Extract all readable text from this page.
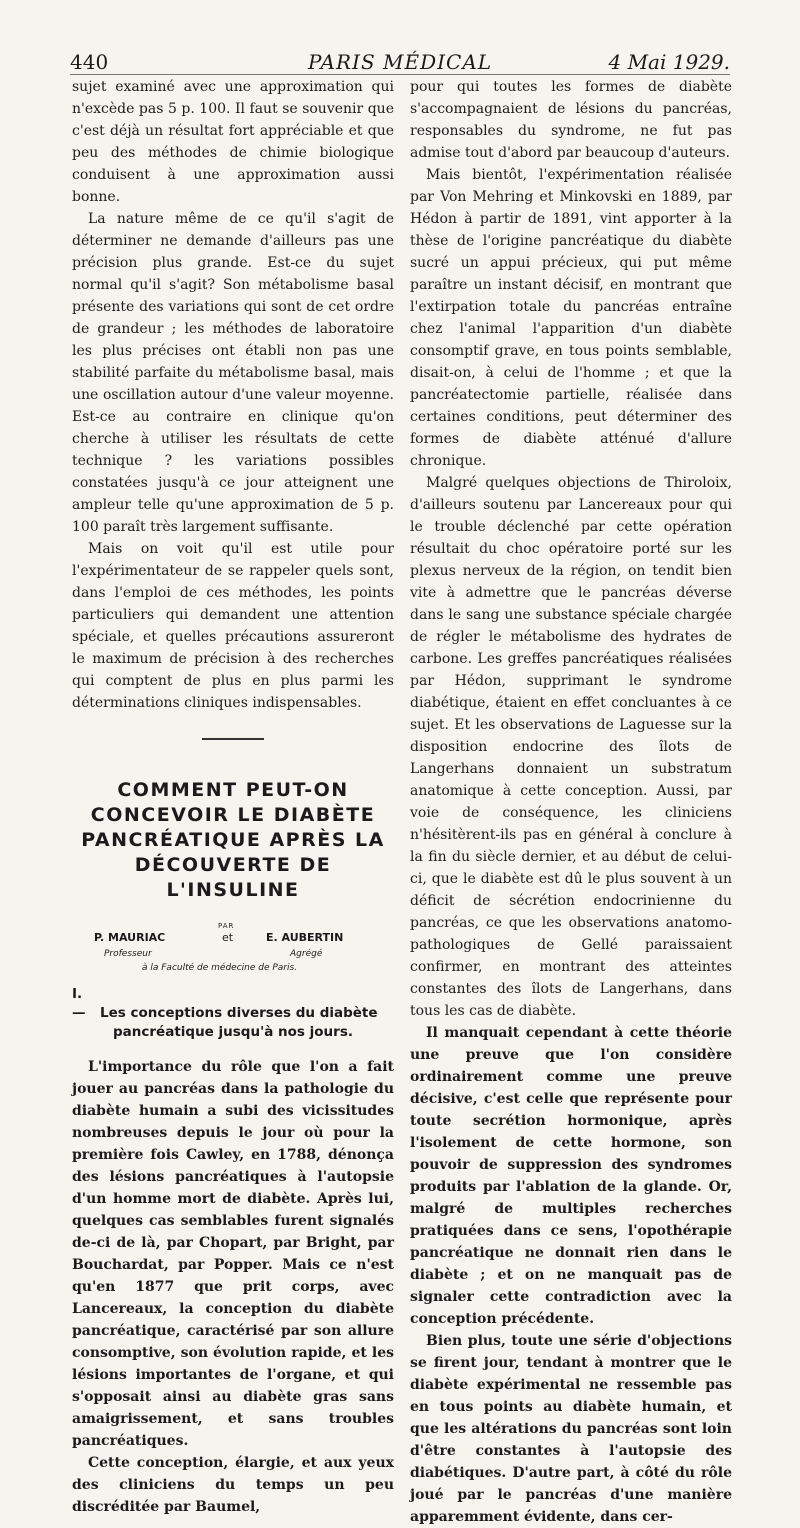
440	PARIS MÉDICAL	4 Mai 1929.

sujet examiné avec une approximation qui n'excède pas 5 p. 100. Il faut se souvenir que c'est déjà un résultat fort appréciable et que peu des méthodes de chimie biologique conduisent à une approximation aussi bonne.

La nature même de ce qu'il s'agit de déterminer ne demande d'ailleurs pas une précision plus grande. Est-ce du sujet normal qu'il s'agit? Son métabolisme basal présente des variations qui sont de cet ordre de grandeur ; les méthodes de laboratoire les plus précises ont établi non pas une stabilité parfaite du métabolisme basal, mais une oscillation autour d'une valeur moyenne. Est-ce au contraire en clinique qu'on cherche à utiliser les résultats de cette technique ? les variations possibles constatées jusqu'à ce jour atteignent une ampleur telle qu'une approximation de 5 p. 100 paraît très largement suffisante.

Mais on voit qu'il est utile pour l'expérimentateur de se rappeler quels sont, dans l'emploi de ces méthodes, les points particuliers qui demandent une attention spéciale, et quelles précautions assureront le maximum de précision à des recherches qui comptent de plus en plus parmi les déterminations cliniques indispensables.

COMMENT PEUT-ON CONCEVOIR LE DIABÈTE PANCRÉATIQUE APRÈS LA DÉCOUVERTE DE L'INSULINE
PAR
P. MAURIAC	et	E. AUBERTIN
Professeur	Agrégé
à la Faculté de médecine de Paris.
I. — Les conceptions diverses du diabète
pancréatique jusqu'à nos jours.

L'importance du rôle que l'on a fait jouer au pancréas dans la pathologie du diabète humain a subi des vicissitudes nombreuses depuis le jour où pour la première fois Cawley, en 1788, dénonça des lésions pancréatiques à l'autopsie d'un homme mort de diabète. Après lui, quelques cas semblables furent signalés de-ci de là, par Chopart, par Bright, par Bouchardat, par Popper. Mais ce n'est qu'en 1877 que prit corps, avec Lancereaux, la conception du diabète pancréatique, caractérisé par son allure consomptive, son évolution rapide, et les lésions importantes de l'organe, et qui s'opposait ainsi au diabète gras sans amaigrissement, et sans troubles pancréatiques.

Cette conception, élargie, et aux yeux des cliniciens du temps un peu discréditée par Baumel,

pour qui toutes les formes de diabète s'accompagnaient de lésions du pancréas, responsables du syndrome, ne fut pas admise tout d'abord par beaucoup d'auteurs.

Mais bientôt, l'expérimentation réalisée par Von Mehring et Minkovski en 1889, par Hédon à partir de 1891, vint apporter à la thèse de l'origine pancréatique du diabète sucré un appui précieux, qui put même paraître un instant décisif, en montrant que l'extirpation totale du pancréas entraîne chez l'animal l'apparition d'un diabète consomptif grave, en tous points semblable, disait-on, à celui de l'homme ; et que la pancréatectomie partielle, réalisée dans certaines conditions, peut déterminer des formes de diabète atténué d'allure chronique.

Malgré quelques objections de Thiroloix, d'ailleurs soutenu par Lancereaux pour qui le trouble déclenché par cette opération résultait du choc opératoire porté sur les plexus nerveux de la région, on tendit bien vite à admettre que le pancréas déverse dans le sang une substance spéciale chargée de régler le métabolisme des hydrates de carbone. Les greffes pancréatiques réalisées par Hédon, supprimant le syndrome diabétique, étaient en effet concluantes à ce sujet. Et les observations de Laguesse sur la disposition endocrine des îlots de Langerhans donnaient un substratum anatomique à cette conception. Aussi, par voie de conséquence, les cliniciens n'hésitèrent-ils pas en général à conclure à la fin du siècle dernier, et au début de celui-ci, que le diabète est dû le plus souvent à un déficit de sécrétion endocrinienne du pancréas, ce que les observations anatomo-pathologiques de Gellé paraissaient confirmer, en montrant des atteintes constantes des îlots de Langerhans, dans tous les cas de diabète.

Il manquait cependant à cette théorie une preuve que l'on considère ordinairement comme une preuve décisive, c'est celle que représente pour toute secrétion hormonique, après l'isolement de cette hormone, son pouvoir de suppression des syndromes produits par l'ablation de la glande. Or, malgré de multiples recherches pratiquées dans ce sens, l'opothérapie pancréatique ne donnait rien dans le diabète ; et on ne manquait pas de signaler cette contradiction avec la conception précédente.

Bien plus, toute une série d'objections se firent jour, tendant à montrer que le diabète expérimental ne ressemble pas en tous points au diabète humain, et que les altérations du pancréas sont loin d'être constantes à l'autopsie des diabétiques. D'autre part, à côté du rôle joué par le pancréas d'une manière apparemment évidente, dans cer-
